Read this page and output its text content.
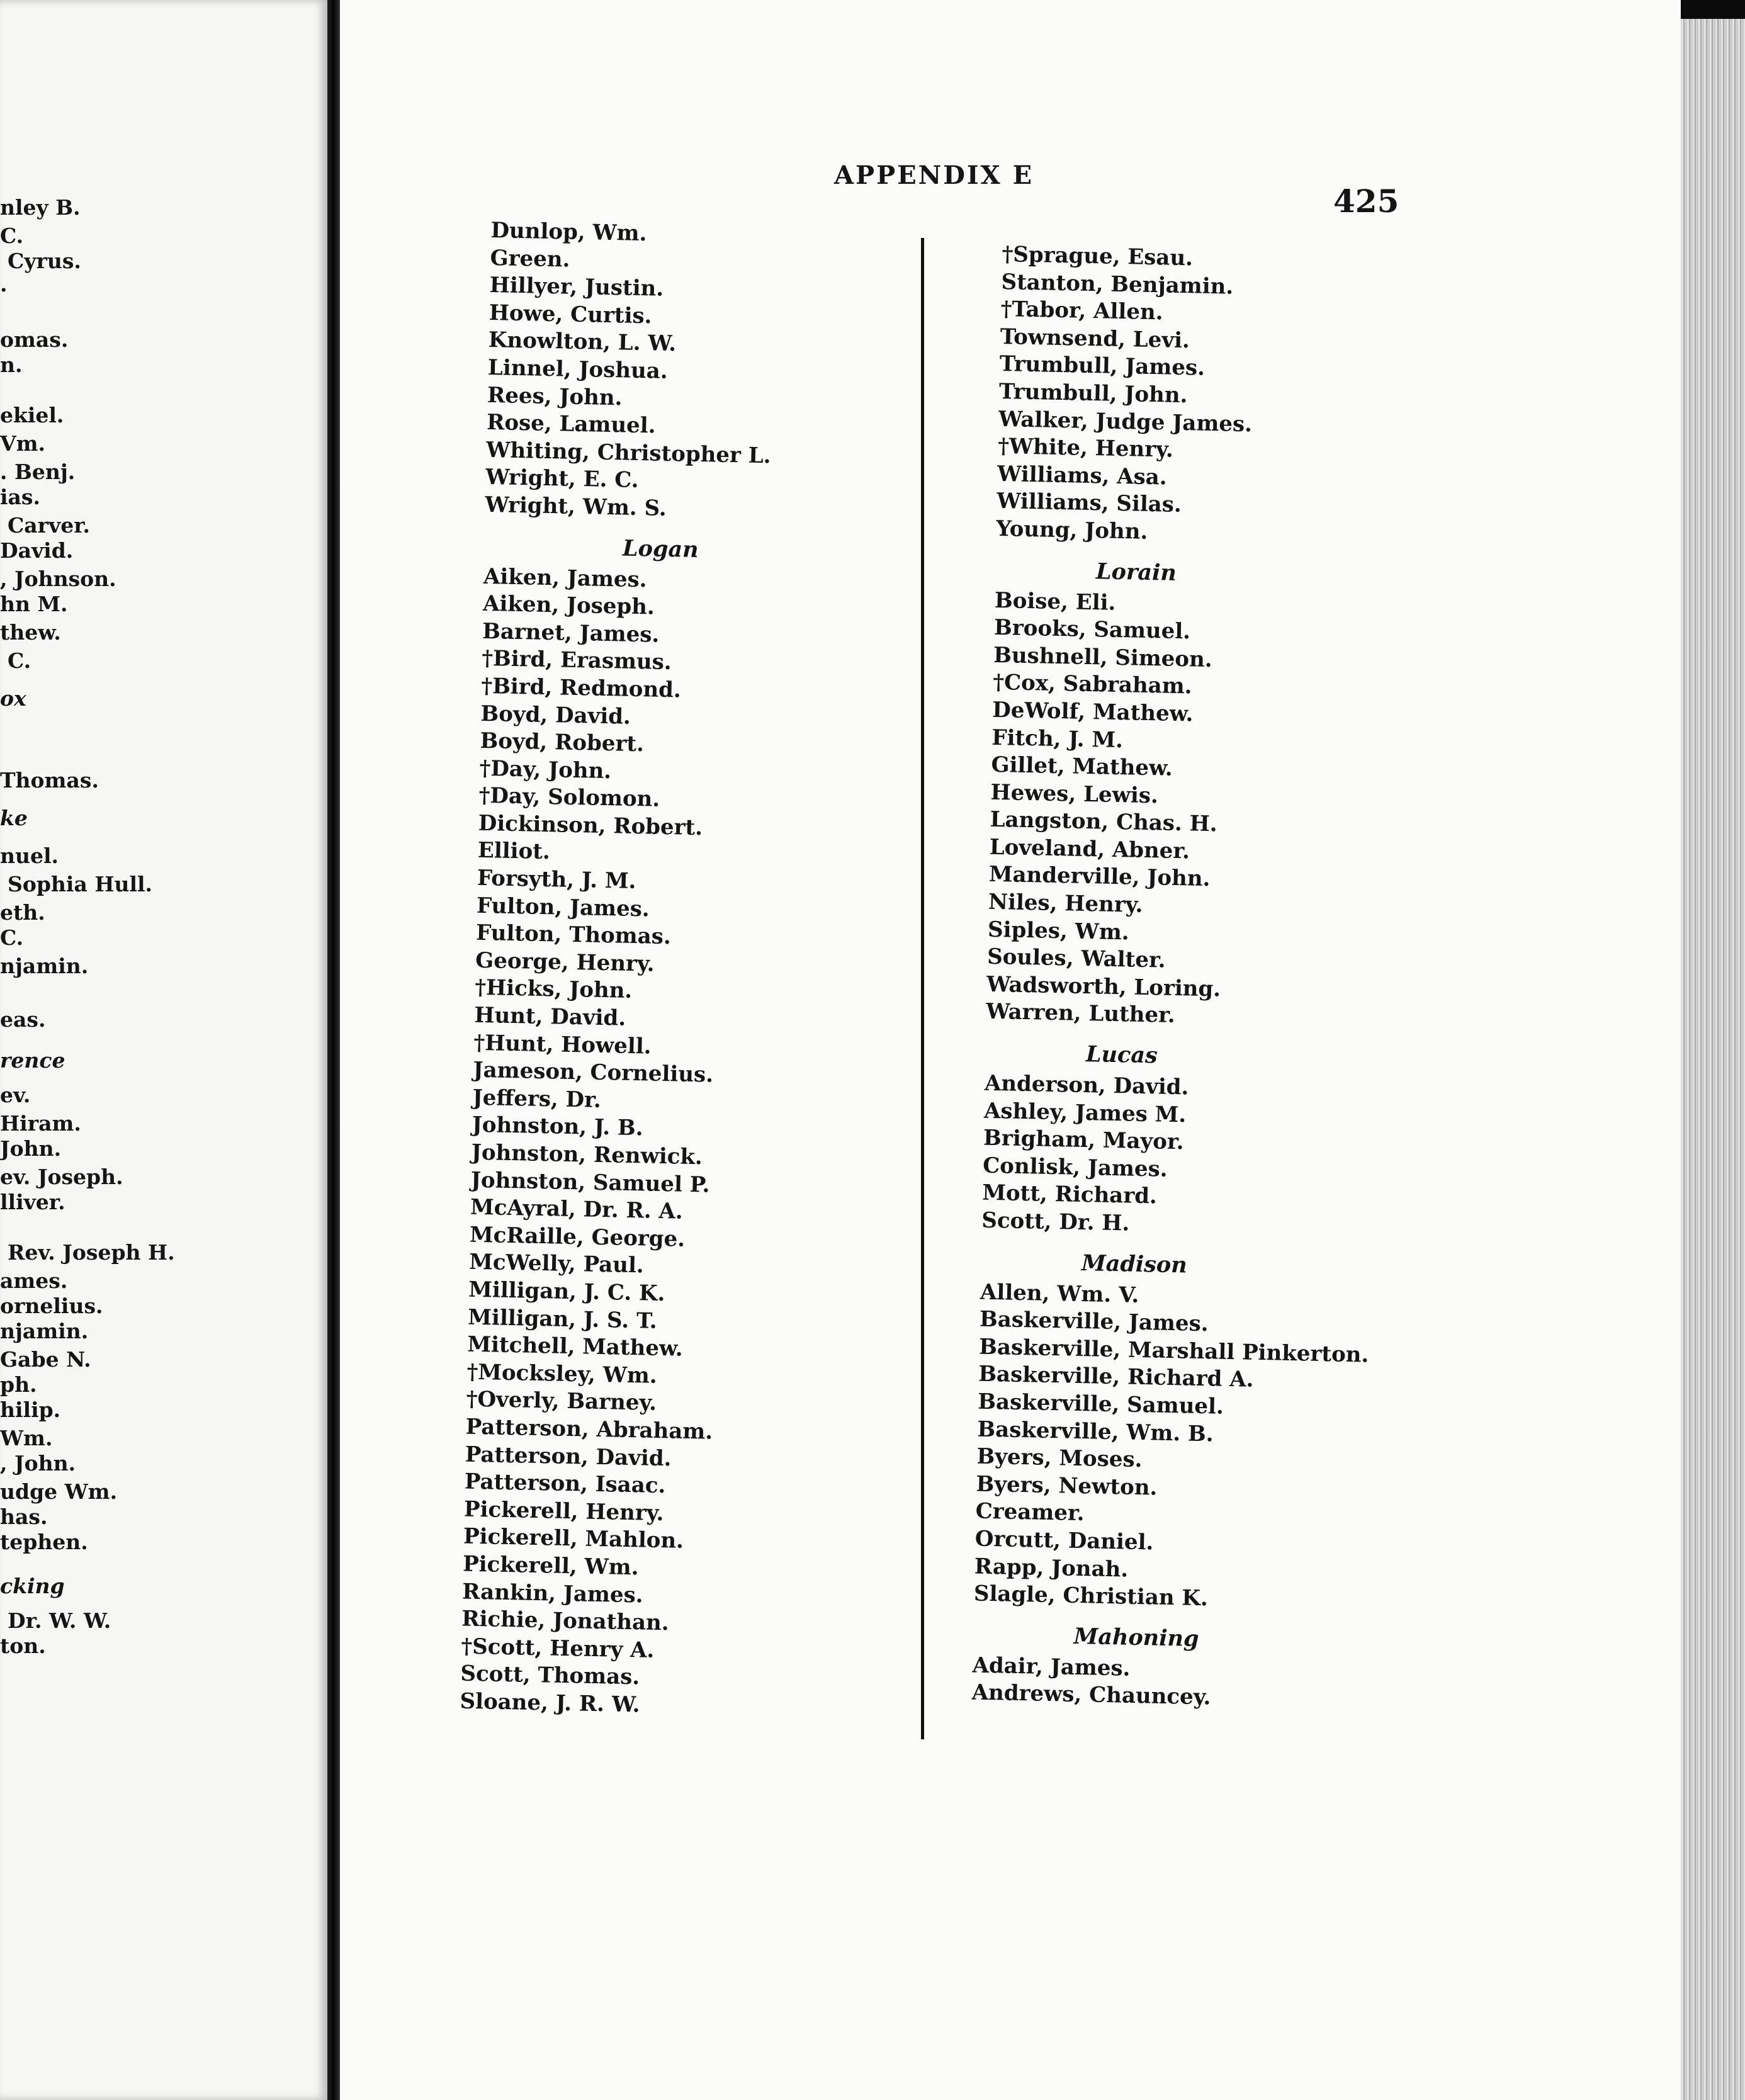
nley B.
C.
Cyrus.
.
omas.
n.
ekiel.
Vm.
. Benj.
ias.
Carver.
David.
, Johnson.
hn M.
thew.
C.
ox
Thomas.
ke
nuel.
Sophia Hull.
eth.
C.
njamin.
eas.
rence
ev.
Hiram.
John.
ev. Joseph.
lliver.
Rev. Joseph H.
ames.
ornelius.
njamin.
Gabe N.
ph.
hilip.
Wm.
, John.
udge Wm.
has.
tephen.
cking
Dr. W. W.
ton.
APPENDIX E
425
Dunlop, Wm.
Green.
Hillyer, Justin.
Howe, Curtis.
Knowlton, L. W.
Linnel, Joshua.
Rees, John.
Rose, Lamuel.
Whiting, Christopher L.
Wright, E. C.
Wright, Wm. S.
Logan
Aiken, James.
Aiken, Joseph.
Barnet, James.
†Bird, Erasmus.
†Bird, Redmond.
Boyd, David.
Boyd, Robert.
†Day, John.
†Day, Solomon.
Dickinson, Robert.
Elliot.
Forsyth, J. M.
Fulton, James.
Fulton, Thomas.
George, Henry.
†Hicks, John.
Hunt, David.
†Hunt, Howell.
Jameson, Cornelius.
Jeffers, Dr.
Johnston, J. B.
Johnston, Renwick.
Johnston, Samuel P.
McAyral, Dr. R. A.
McRaille, George.
McWelly, Paul.
Milligan, J. C. K.
Milligan, J. S. T.
Mitchell, Mathew.
†Mocksley, Wm.
†Overly, Barney.
Patterson, Abraham.
Patterson, David.
Patterson, Isaac.
Pickerell, Henry.
Pickerell, Mahlon.
Pickerell, Wm.
Rankin, James.
Richie, Jonathan.
†Scott, Henry A.
Scott, Thomas.
Sloane, J. R. W.
†Sprague, Esau.
Stanton, Benjamin.
†Tabor, Allen.
Townsend, Levi.
Trumbull, James.
Trumbull, John.
Walker, Judge James.
†White, Henry.
Williams, Asa.
Williams, Silas.
Young, John.
Lorain
Boise, Eli.
Brooks, Samuel.
Bushnell, Simeon.
†Cox, Sabraham.
DeWolf, Mathew.
Fitch, J. M.
Gillet, Mathew.
Hewes, Lewis.
Langston, Chas. H.
Loveland, Abner.
Manderville, John.
Niles, Henry.
Siples, Wm.
Soules, Walter.
Wadsworth, Loring.
Warren, Luther.
Lucas
Anderson, David.
Ashley, James M.
Brigham, Mayor.
Conlisk, James.
Mott, Richard.
Scott, Dr. H.
Madison
Allen, Wm. V.
Baskerville, James.
Baskerville, Marshall Pinkerton.
Baskerville, Richard A.
Baskerville, Samuel.
Baskerville, Wm. B.
Byers, Moses.
Byers, Newton.
Creamer.
Orcutt, Daniel.
Rapp, Jonah.
Slagle, Christian K.
Mahoning
Adair, James.
Andrews, Chauncey.
